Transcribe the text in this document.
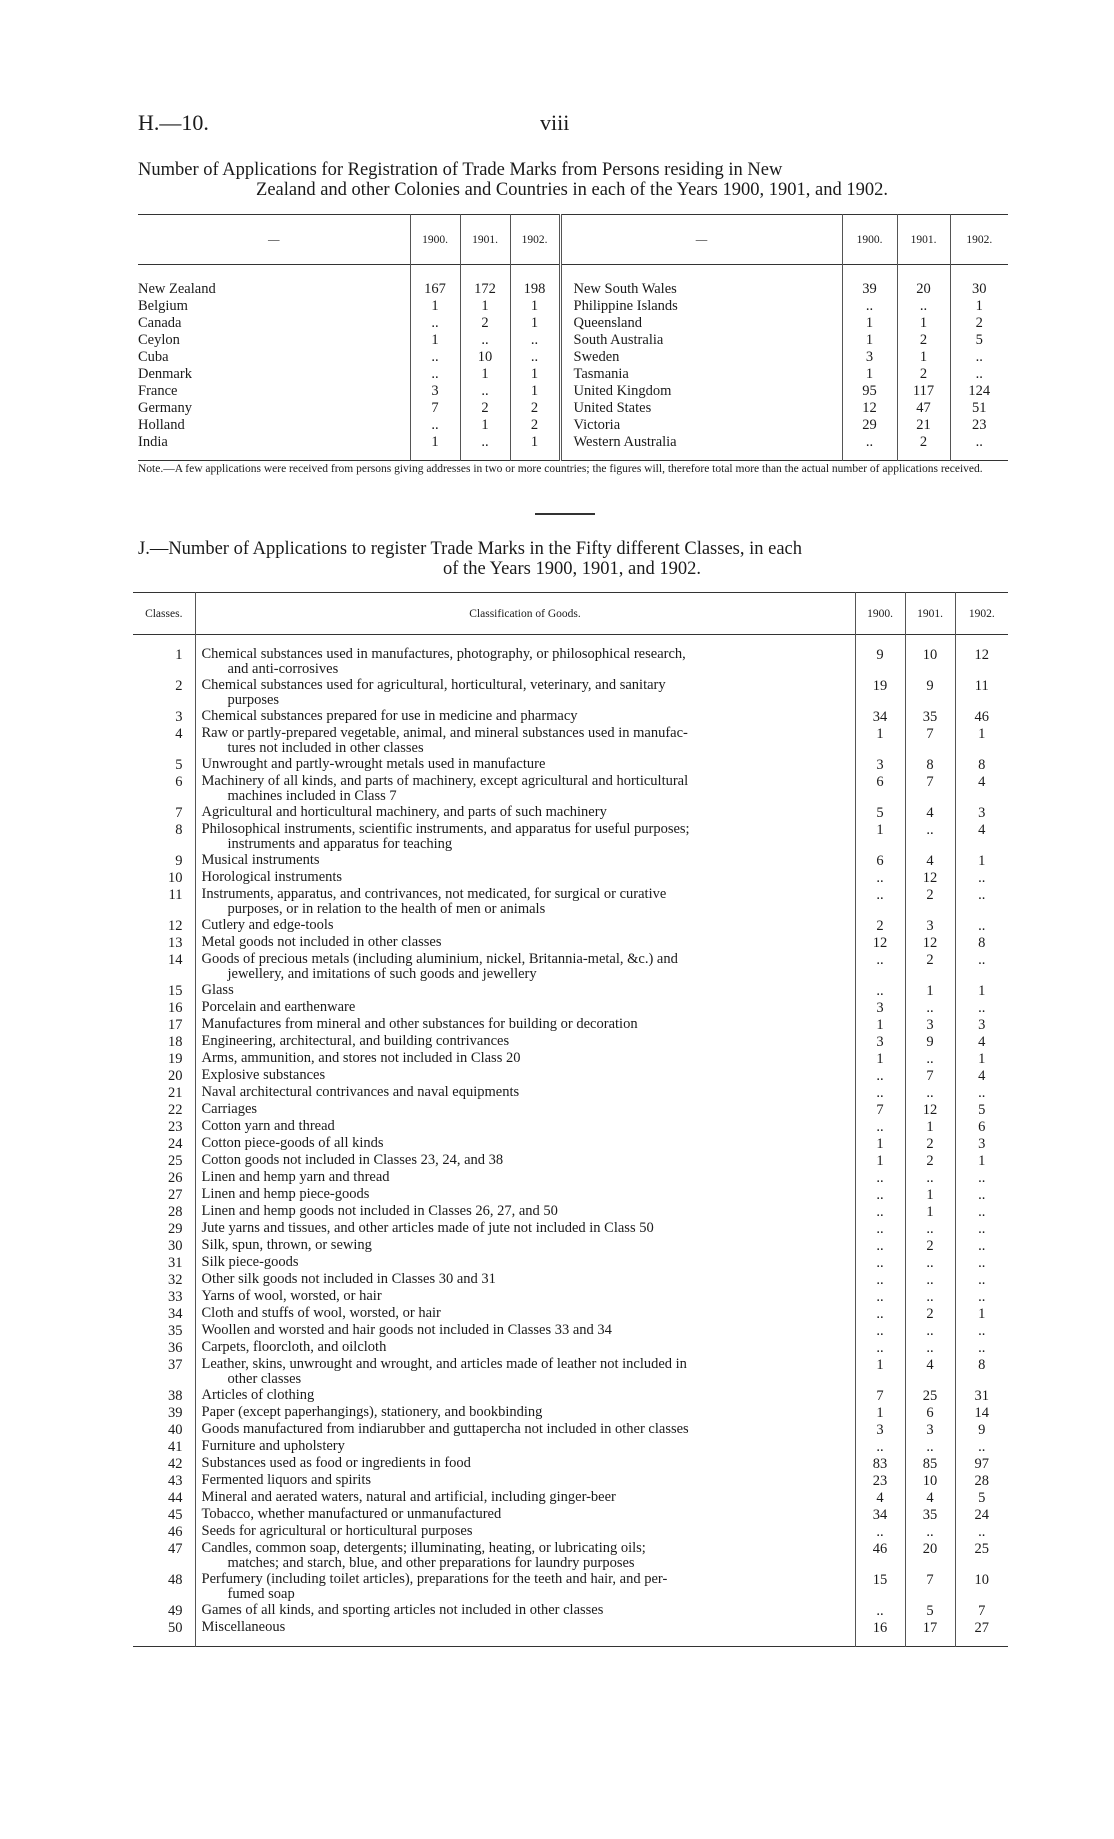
H.—10.	viii
Number of Applications for Registration of Trade Marks from Persons residing in New
Zealand and other Colonies and Countries in each of the Years 1900, 1901, and 1902.
—	1900.	1901.	1902.	—	1900.	1901.	1902.

New Zealand	167	172	198	New South Wales	39	20	30
Belgium	1	1	1	Philippine Islands	..	..	1
Canada	..	2	1	Queensland	1	1	2
Ceylon	1	..	..	South Australia	1	2	5
Cuba	..	10	..	Sweden	3	1	..
Denmark	..	1	1	Tasmania	1	2	..
France	3	..	1	United Kingdom	95	117	124
Germany	7	2	2	United States	12	47	51
Holland	..	1	2	Victoria	29	21	23
India	1	..	1	Western Australia	..	2	..

Note.—A few applications were received from persons giving addresses in two or more countries; the figures will, therefore total more than the actual number of applications received.
J.—Number of Applications to register Trade Marks in the Fifty different Classes, in each
of the Years 1900, 1901, and 1902.
Classes.	Classification of Goods.	1900.	1901.	1902.

1	Chemical substances used in manufactures, photography, or philosophical research,
and anti-corrosives	9	10	12
2	Chemical substances used for agricultural, horticultural, veterinary, and sanitary
purposes	19	9	11
3	Chemical substances prepared for use in medicine and pharmacy	34	35	46
4	Raw or partly-prepared vegetable, animal, and mineral substances used in manufac-
tures not included in other classes	1	7	1
5	Unwrought and partly-wrought metals used in manufacture	3	8	8
6	Machinery of all kinds, and parts of machinery, except agricultural and horticultural
machines included in Class 7	6	7	4
7	Agricultural and horticultural machinery, and parts of such machinery	5	4	3
8	Philosophical instruments, scientific instruments, and apparatus for useful purposes;
instruments and apparatus for teaching	1	..	4
9	Musical instruments	6	4	1
10	Horological instruments	..	12	..
11	Instruments, apparatus, and contrivances, not medicated, for surgical or curative
purposes, or in relation to the health of men or animals	..	2	..
12	Cutlery and edge-tools	2	3	..
13	Metal goods not included in other classes	12	12	8
14	Goods of precious metals (including aluminium, nickel, Britannia-metal, &c.) and
jewellery, and imitations of such goods and jewellery	..	2	..
15	Glass	..	1	1
16	Porcelain and earthenware	3	..	..
17	Manufactures from mineral and other substances for building or decoration	1	3	3
18	Engineering, architectural, and building contrivances	3	9	4
19	Arms, ammunition, and stores not included in Class 20	1	..	1
20	Explosive substances	..	7	4
21	Naval architectural contrivances and naval equipments	..	..	..
22	Carriages	7	12	5
23	Cotton yarn and thread	..	1	6
24	Cotton piece-goods of all kinds	1	2	3
25	Cotton goods not included in Classes 23, 24, and 38	1	2	1
26	Linen and hemp yarn and thread	..	..	..
27	Linen and hemp piece-goods	..	1	..
28	Linen and hemp goods not included in Classes 26, 27, and 50	..	1	..
29	Jute yarns and tissues, and other articles made of jute not included in Class 50	..	..	..
30	Silk, spun, thrown, or sewing	..	2	..
31	Silk piece-goods	..	..	..
32	Other silk goods not included in Classes 30 and 31	..	..	..
33	Yarns of wool, worsted, or hair	..	..	..
34	Cloth and stuffs of wool, worsted, or hair	..	2	1
35	Woollen and worsted and hair goods not included in Classes 33 and 34	..	..	..
36	Carpets, floorcloth, and oilcloth	..	..	..
37	Leather, skins, unwrought and wrought, and articles made of leather not included in
other classes	1	4	8
38	Articles of clothing	7	25	31
39	Paper (except paperhangings), stationery, and bookbinding	1	6	14
40	Goods manufactured from indiarubber and guttapercha not included in other classes	3	3	9
41	Furniture and upholstery	..	..	..
42	Substances used as food or ingredients in food	83	85	97
43	Fermented liquors and spirits	23	10	28
44	Mineral and aerated waters, natural and artificial, including ginger-beer	4	4	5
45	Tobacco, whether manufactured or unmanufactured	34	35	24
46	Seeds for agricultural or horticultural purposes	..	..	..
47	Candles, common soap, detergents; illuminating, heating, or lubricating oils;
matches; and starch, blue, and other preparations for laundry purposes	46	20	25
48	Perfumery (including toilet articles), preparations for the teeth and hair, and per-
fumed soap	15	7	10
49	Games of all kinds, and sporting articles not included in other classes	..	5	7
50	Miscellaneous	16	17	27
